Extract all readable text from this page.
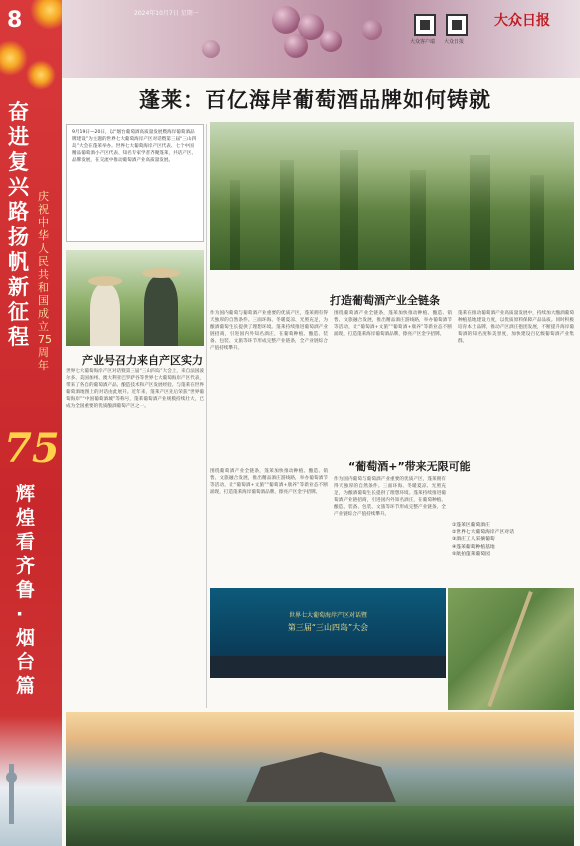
8
奋进复兴路 扬帆新征程
庆祝中华人民共和国成立75周年
75
辉煌看齐鲁·烟台篇
2024年10月7日 星期一
大众客户端 大众日报
大众日报
蓬莱：百亿海岸葡萄酒品牌如何铸就
9月19日—20日，以“烟台葡萄酒高质量发展暨海岸葡萄酒品牌建设”为主题的世界七大葡萄海岸产区对话暨第三届“三山四岛”大会在蓬莱举办。世界七大葡萄海岸产区代表、七个中国精品葡萄酒小产区代表、知名专家学者齐聚蓬莱，共话产区、品牌发展，在交流中推动葡萄酒产业高质量发展。
产业号召力来自产区实力
世界七大葡萄海岸产区对话暨第三届“三山四岛”大会上，来自法国波尔多、美国加州、澳大利亚巴罗萨谷等世界七大葡萄海岸产区代表，带来了各自的葡萄酒产品、酿造技术和产区发展经验。与蓬莱在世界葡萄酒地图上的对话由此展开。近年来，蓬莱产区先后荣获“世界葡萄海岸”“中国葡萄酒城”等称号，蓬莱葡萄酒产业规模持续壮大，已成为全国重要的优质酿酒葡萄产区之一。
打造葡萄酒产业全链条
作为国内葡萄与葡萄酒产业重要的优质产区，蓬莱拥有得天独厚的自然条件。三面环海、冬暖夏凉、光照充足，为酿酒葡萄生长提供了理想环境。蓬莱持续推进葡萄酒产业链招商，引进国内外知名酒庄，在葡萄种植、酿造、装备、包装、文旅等环节形成完整产业链条，全产业链综合产值持续攀升。
围绕葡萄酒产业全链条，蓬莱加快推动种植、酿造、销售、文旅融合发展，推出精品酒庄游线路，举办葡萄酒节等活动，让“葡萄酒+文旅”“葡萄酒+康养”等新业态不断涌现，打造蓬莱海岸葡萄酒品牌，擦亮产区金字招牌。
蓬莱在推动葡萄酒产业高质量发展中，持续加大酿酒葡萄种植基地建设力度，以优质原料保障产品品质。同时积极培育本土品牌，推动产区酒庄抱团发展，不断提升海岸葡萄酒的知名度和美誉度，加快建设百亿级葡萄酒产业集群。
“葡萄酒+”带来无限可能
围绕葡萄酒产业全链条，蓬莱加快推动种植、酿造、销售、文旅融合发展，推出精品酒庄游线路，举办葡萄酒节等活动，让“葡萄酒+文旅”“葡萄酒+康养”等新业态不断涌现，打造蓬莱海岸葡萄酒品牌，擦亮产区金字招牌。
作为国内葡萄与葡萄酒产业重要的优质产区，蓬莱拥有得天独厚的自然条件。三面环海、冬暖夏凉、光照充足，为酿酒葡萄生长提供了理想环境。蓬莱持续推进葡萄酒产业链招商，引进国内外知名酒庄，在葡萄种植、酿造、装备、包装、文旅等环节形成完整产业链条，全产业链综合产值持续攀升。
①蓬莱区葡萄酒庄
②世界七大葡萄海岸产区对话
③酒庄工人采摘葡萄
④蓬莱葡萄种植基地
⑤航拍蓬莱葡萄园
世界七大葡萄海岸产区对话暨
第三届“三山四岛”大会
